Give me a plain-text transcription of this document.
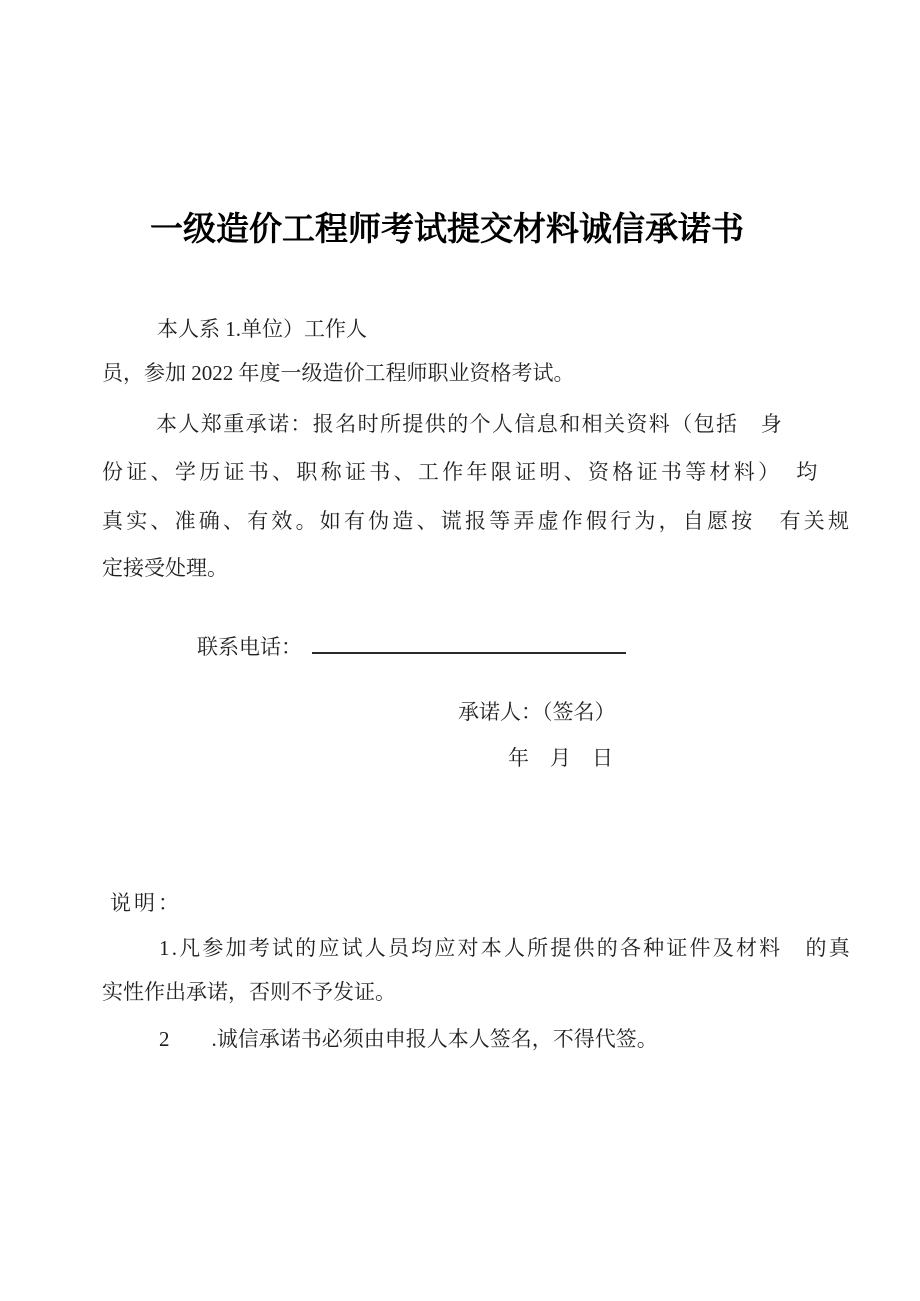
一级造价工程师考试提交材料诚信承诺书
本人系 1.单位）工作人
员，参加 2022 年度一级造价工程师职业资格考试。
本人郑重承诺：报名时所提供的个人信息和相关资料（包括　身
份证、学历证书、职称证书、工作年限证明、资格证书等材料）　均
真实、准确、有效。如有伪造、谎报等弄虚作假行为，自愿按　有关规
定接受处理。

联系电话：

承诺人：（签名）
年　月　日
说明：
1.凡参加考试的应试人员均应对本人所提供的各种证件及材料　的真
实性作出承诺，否则不予发证。
2　　.诚信承诺书必须由申报人本人签名，不得代签。
